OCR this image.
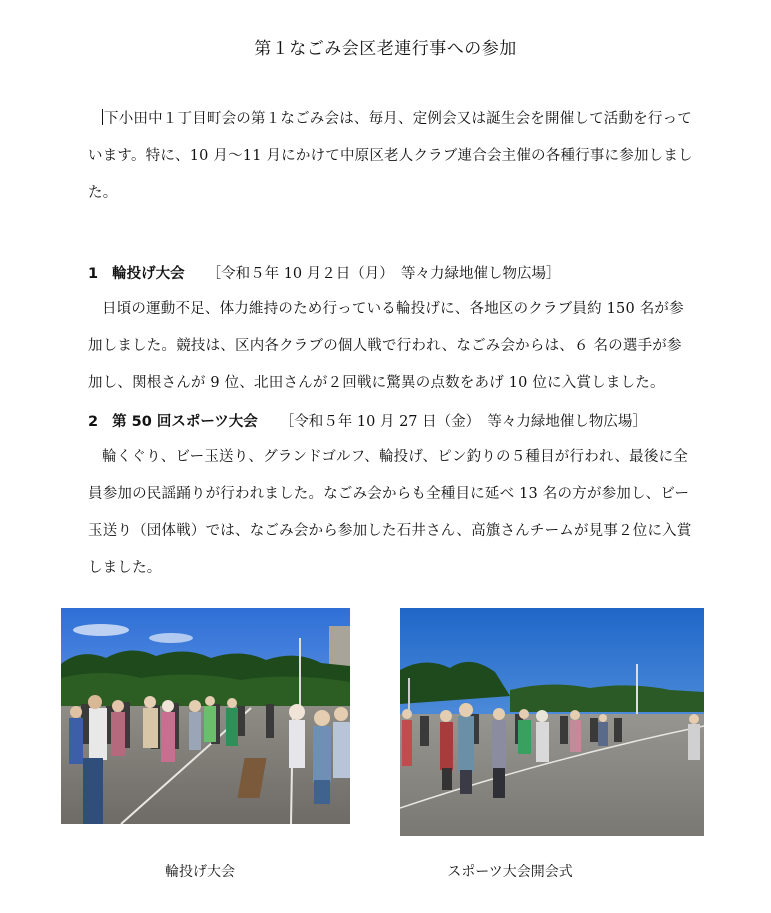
第１なごみ会区老連行事への参加
下小田中１丁目町会の第１なごみ会は、毎月、定例会又は誕生会を開催して活動を行っています。特に、10 月〜11 月にかけて中原区老人クラブ連合会主催の各種行事に参加しました。
1 輪投げ大会 ［令和５年 10 月２日（月）　等々力緑地催し物広場］
日頃の運動不足、体力維持のため行っている輪投げに、各地区のクラブ員約 150 名が参加しました。競技は、区内各クラブの個人戦で行われ、なごみ会からは、６ 名の選手が参加し、関根さんが 9 位、北田さんが２回戦に驚異の点数をあげ 10 位に入賞しました。
2 第 50 回スポーツ大会 ［令和５年 10 月 27 日（金）　等々力緑地催し物広場］
輪くぐり、ビー玉送り、グランドゴルフ、輪投げ、ピン釣りの５種目が行われ、最後に全員参加の民謡踊りが行われました。なごみ会からも全種目に延べ 13 名の方が参加し、ビー玉送り（団体戦）では、なごみ会から参加した石井さん、高籏さんチームが見事２位に入賞しました。
輪投げ大会	スポーツ大会開会式
